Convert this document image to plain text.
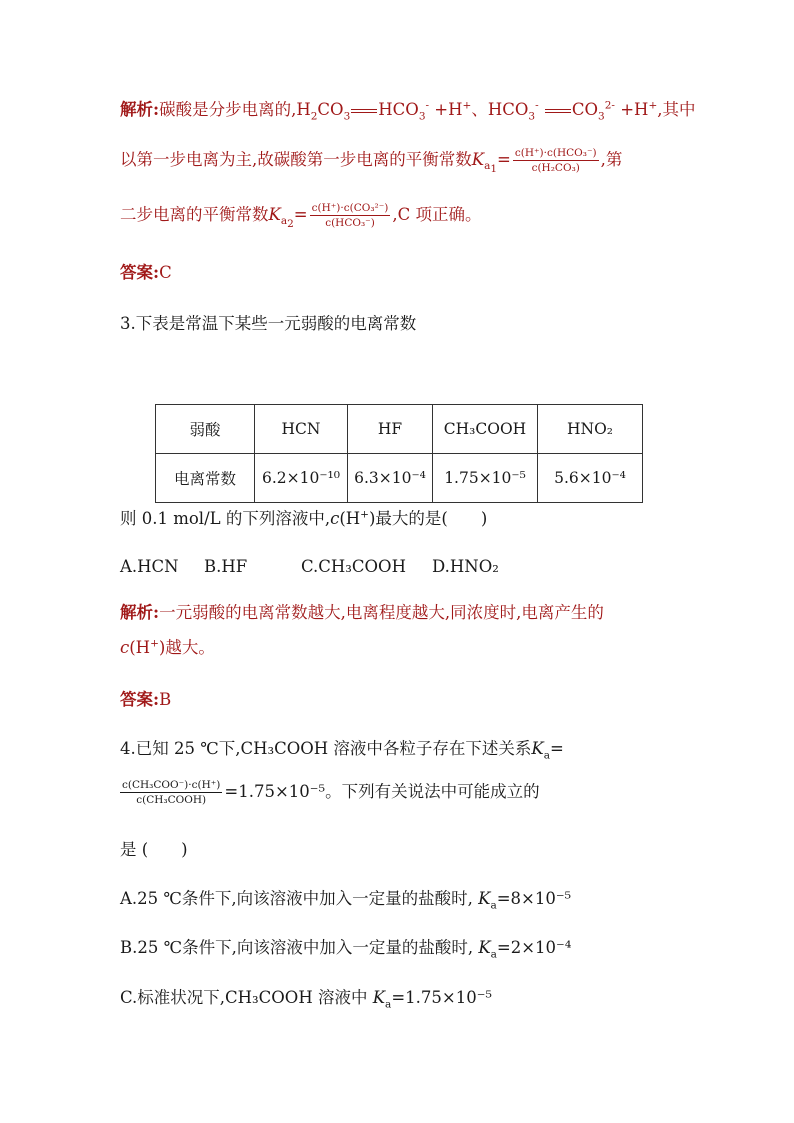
解析:碳酸是分步电离的$,H_2CO_3$ $HCO_3^- +H^+$、$HCO_3^-$ $CO_3^{2-} +H^+$,其中
以第一步电离为主,故碳酸第一步电离的平衡常数$K_{a_1}= \frac{\text{c(H⁺)·c(HCO₃⁻)}}{\text{c(H₂CO₃)}}$ ,第
二步电离的平衡常数$K_{a_2}= \frac{\text{c(H⁺)·c(CO₃²⁻)}}{\text{c(HCO₃⁻)}} ,C$ 项正确。
答案:C
3.下表是常温下某些一元弱酸的电离常数
弱酸	HCN	HF	CH₃COOH	HNO₂
电离常数	6.2×10⁻¹⁰	6.3×10⁻⁴	1.75×10⁻⁵	5.6×10⁻⁴
则 0.1 mol/L 的下列溶液中,c(H+)最大的是(　　)
A.HCN B.HF	C.CH₃COOH D.HNO₂
解析:一元弱酸的电离常数越大,电离程度越大,同浓度时,电离产生的
c(H+)越大。
答案:B
4.已知 25 ℃下,CH₃COOH 溶液中各粒子存在下述关系$K_a=$
$\frac{\text{c(CH₃COO⁻)·c(H⁺)}}{\text{c(CH₃COOH)}} =1.75\times 10^{-5}$。下列有关说法中可能成立的
是 (　　)
A.25 ℃条件下,向该溶液中加入一定量的盐酸时, $K_a=8\times 10^{-5}$
B.25 ℃条件下,向该溶液中加入一定量的盐酸时, $K_a=2\times 10^{-4}$
C.标准状况下,CH₃COOH 溶液中 $K_a=1.75\times 10^{-5}$
